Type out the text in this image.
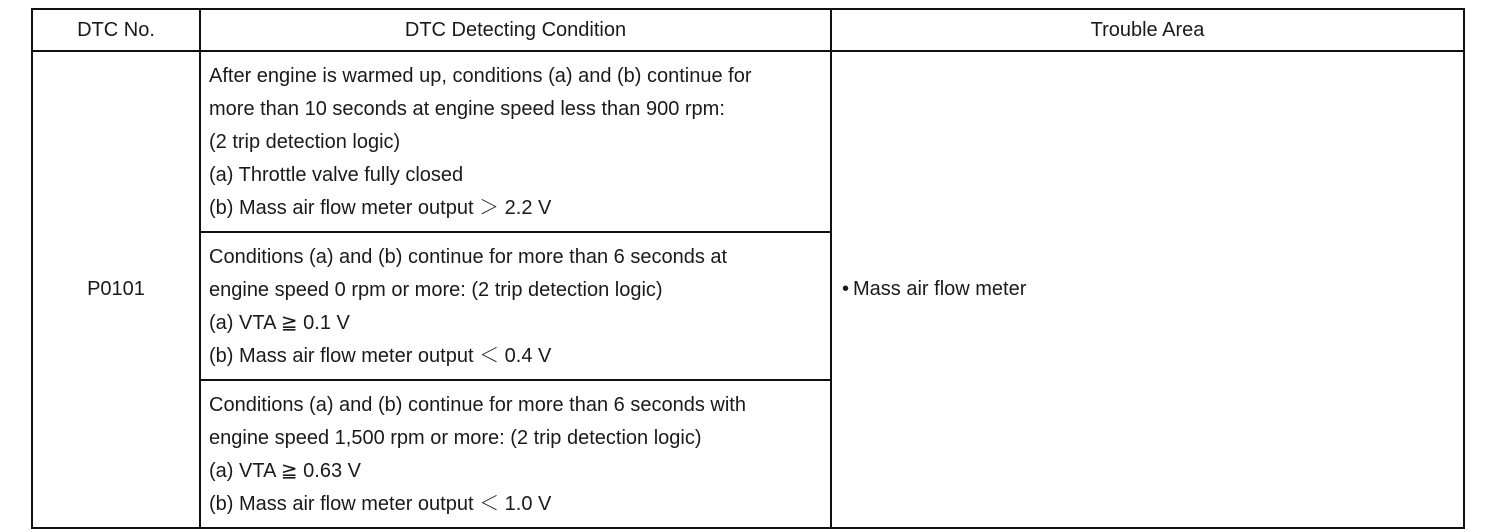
DTC No.	DTC Detecting Condition	Trouble Area
P0101	After engine is warmed up, conditions (a) and (b) continue for
more than 10 seconds at engine speed less than 900 rpm:
(2 trip detection logic)
(a) Throttle valve fully closed
(b) Mass air flow meter output ＞ 2.2 V	• Mass air flow meter

	Conditions (a) and (b) continue for more than 6 seconds at
engine speed 0 rpm or more: (2 trip detection logic)
(a) VTA ≧ 0.1 V
(b) Mass air flow meter output ＜ 0.4 V	

	Conditions (a) and (b) continue for more than 6 seconds with
engine speed 1,500 rpm or more: (2 trip detection logic)
(a) VTA ≧ 0.63 V
(b) Mass air flow meter output ＜ 1.0 V	
